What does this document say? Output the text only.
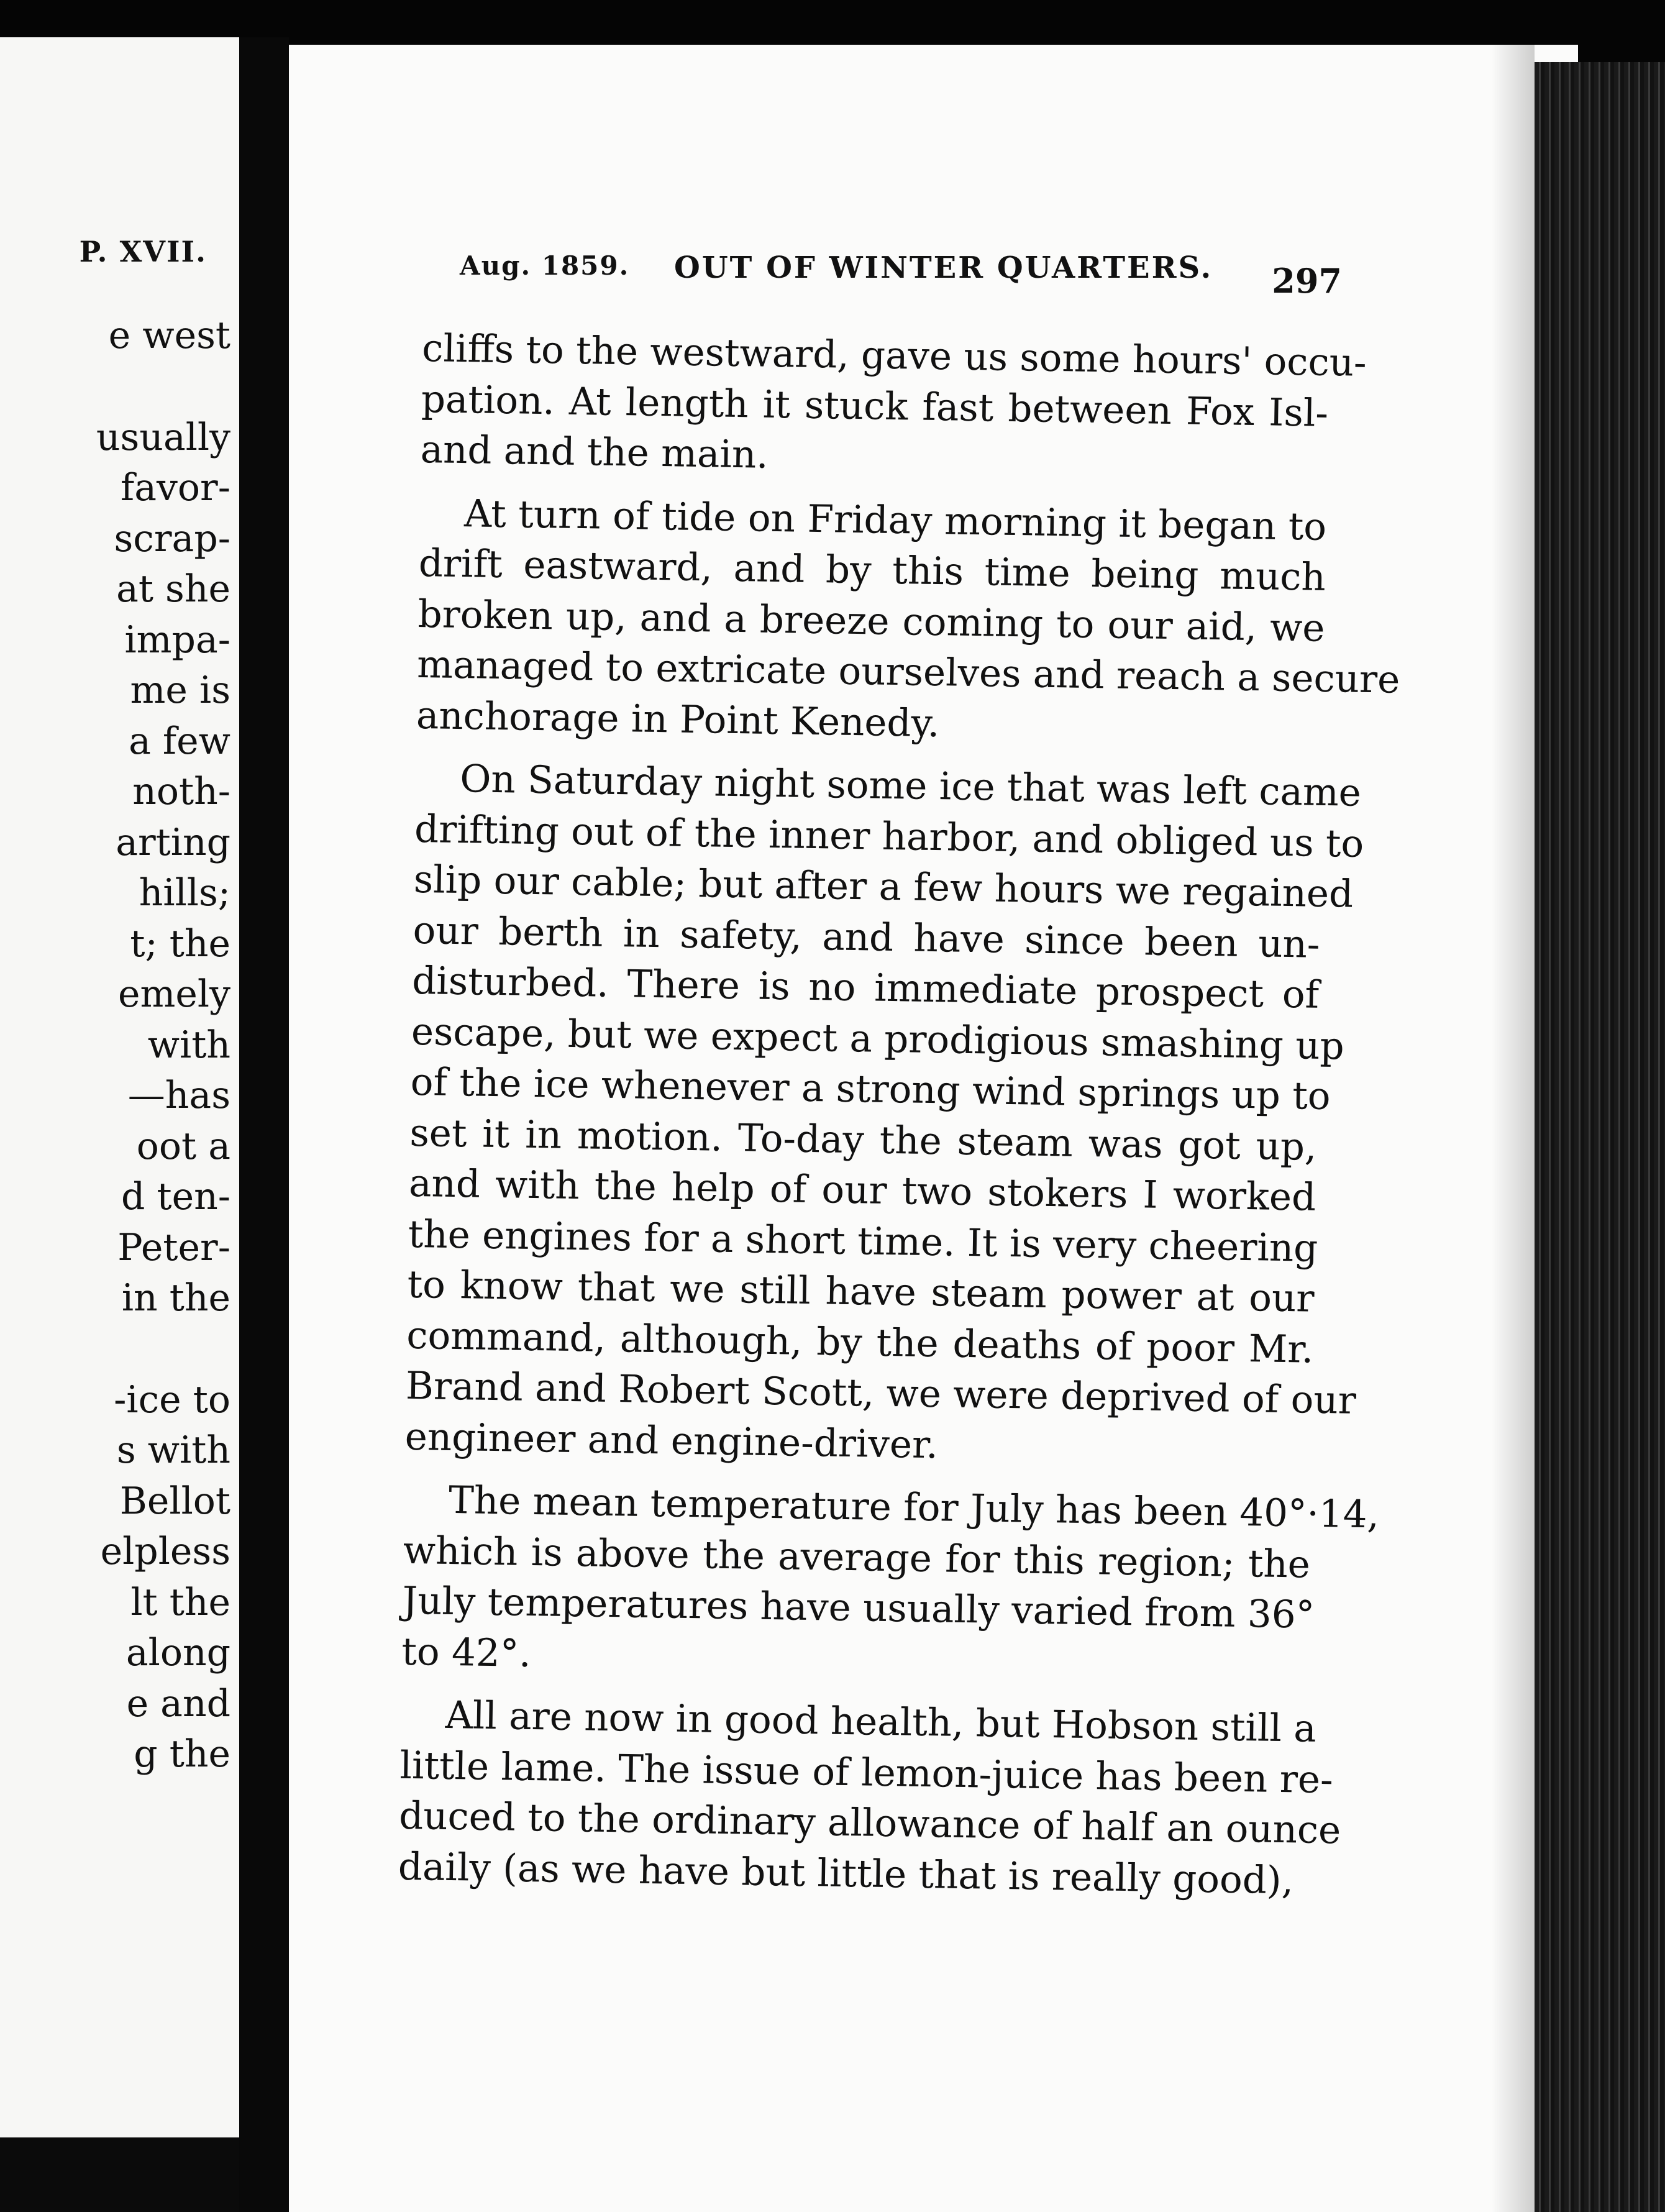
P. XVII.
e west
usually
favor-
scrap-
at she
impa-
me is
a few
noth-
arting
hills;
t; the
emely
with
—has
oot a
d ten-
Peter-
in the
-ice to
s with
Bellot
elpless
lt the
along
e and
g the
Aug. 1859. OUT OF WINTER QUARTERS. 297
cliffs to the westward, gave us some hours' occu-
pation. At length it stuck fast between Fox Isl-
and and the main.
At turn of tide on Friday morning it began to
drift eastward, and by this time being much
broken up, and a breeze coming to our aid, we
managed to extricate ourselves and reach a secure
anchorage in Point Kenedy.
On Saturday night some ice that was left came
drifting out of the inner harbor, and obliged us to
slip our cable; but after a few hours we regained
our berth in safety, and have since been un-
disturbed. There is no immediate prospect of
escape, but we expect a prodigious smashing up
of the ice whenever a strong wind springs up to
set it in motion. To-day the steam was got up,
and with the help of our two stokers I worked
the engines for a short time. It is very cheering
to know that we still have steam power at our
command, although, by the deaths of poor Mr.
Brand and Robert Scott, we were deprived of our
engineer and engine-driver.
The mean temperature for July has been 40°·14,
which is above the average for this region; the
July temperatures have usually varied from 36°
to 42°.
All are now in good health, but Hobson still a
little lame. The issue of lemon-juice has been re-
duced to the ordinary allowance of half an ounce
daily (as we have but little that is really good),
